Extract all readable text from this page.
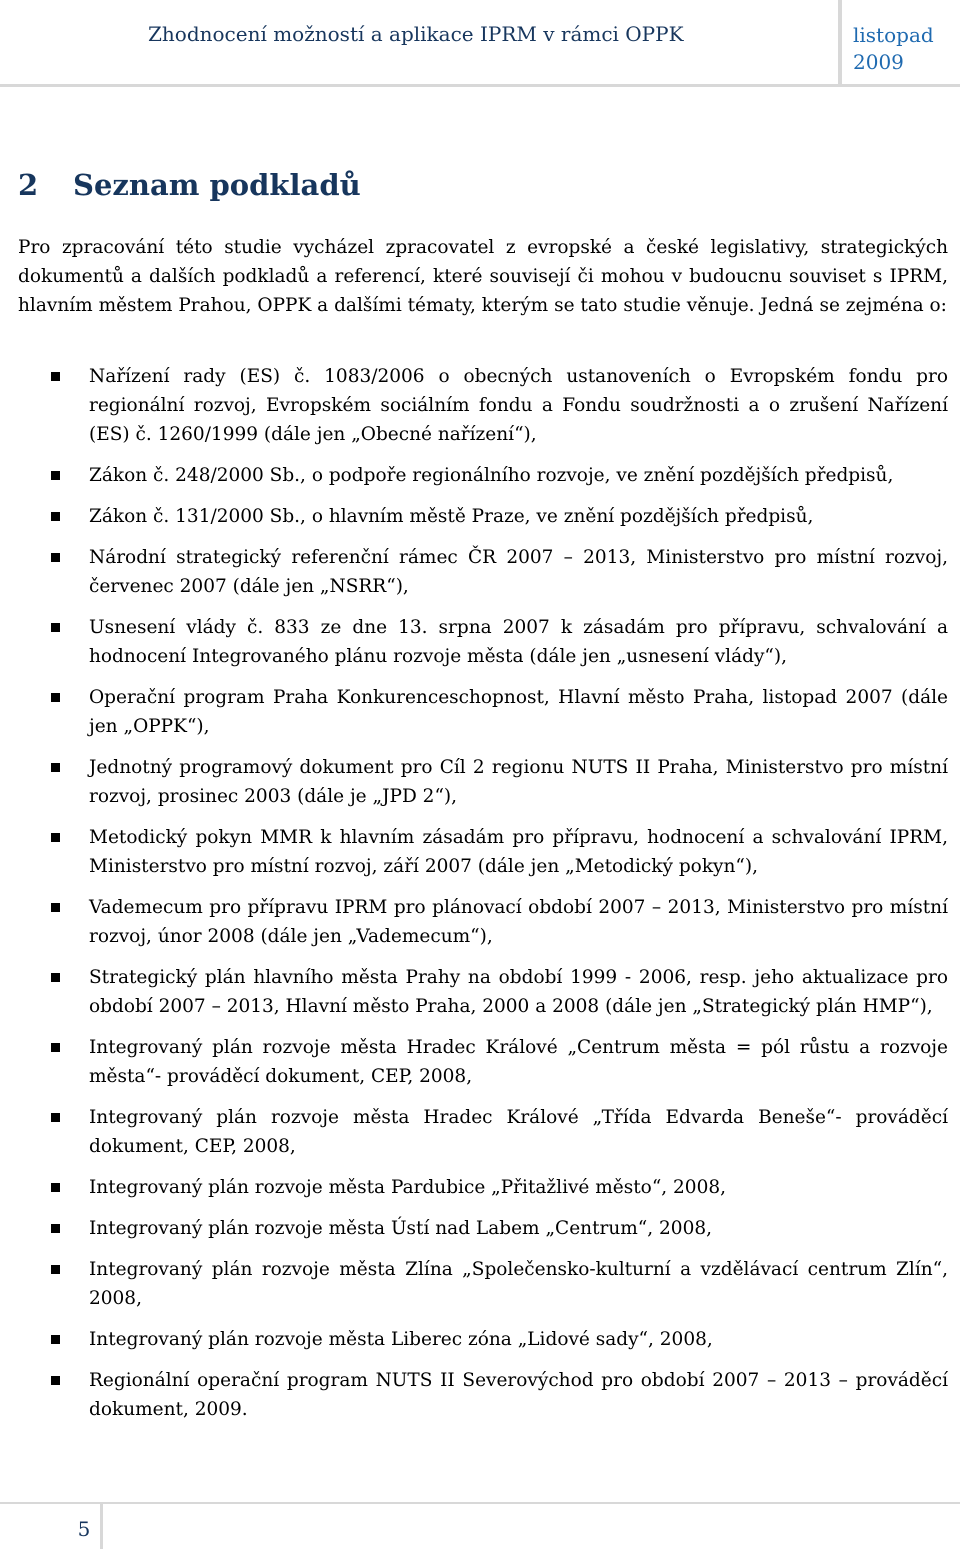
Zhodnocení možností a aplikace IPRM v rámci OPPK	listopad
2009
2 Seznam podkladů

Pro zpracování této studie vycházel zpracovatel z evropské a české legislativy, strategických dokumentů a dalších podkladů a referencí, které souvisejí či mohou v budoucnu souviset s IPRM, hlavním městem Prahou, OPPK a dalšími tématy, kterým se tato studie věnuje. Jedná se zejména o:

Nařízení rady (ES) č. 1083/2006 o obecných ustanoveních o Evropském fondu pro regionální rozvoj, Evropském sociálním fondu a Fondu soudržnosti a o zrušení Nařízení (ES) č. 1260/1999 (dále jen „Obecné nařízení“),
Zákon č. 248/2000 Sb., o podpoře regionálního rozvoje, ve znění pozdějších předpisů,
Zákon č. 131/2000 Sb., o hlavním městě Praze, ve znění pozdějších předpisů,
Národní strategický referenční rámec ČR 2007 – 2013, Ministerstvo pro místní rozvoj, červenec 2007 (dále jen „NSRR“),
Usnesení vlády č. 833 ze dne 13. srpna 2007 k zásadám pro přípravu, schvalování a hodnocení Integrovaného plánu rozvoje města (dále jen „usnesení vlády“),
Operační program Praha Konkurenceschopnost, Hlavní město Praha, listopad 2007 (dále jen „OPPK“),
Jednotný programový dokument pro Cíl 2 regionu NUTS II Praha, Ministerstvo pro místní rozvoj, prosinec 2003 (dále je „JPD 2“),
Metodický pokyn MMR k hlavním zásadám pro přípravu, hodnocení a schvalování IPRM, Ministerstvo pro místní rozvoj, září 2007 (dále jen „Metodický pokyn“),
Vademecum pro přípravu IPRM pro plánovací období 2007 – 2013, Ministerstvo pro místní rozvoj, únor 2008 (dále jen „Vademecum“),
Strategický plán hlavního města Prahy na období 1999 - 2006, resp. jeho aktualizace pro období 2007 – 2013, Hlavní město Praha, 2000 a 2008 (dále jen „Strategický plán HMP“),
Integrovaný plán rozvoje města Hradec Králové „Centrum města = pól růstu a rozvoje města“- prováděcí dokument, CEP, 2008,
Integrovaný plán rozvoje města Hradec Králové „Třída Edvarda Beneše“- prováděcí dokument, CEP, 2008,
Integrovaný plán rozvoje města Pardubice „Přitažlivé město“, 2008,
Integrovaný plán rozvoje města Ústí nad Labem „Centrum“, 2008,
Integrovaný plán rozvoje města Zlína „Společensko-kulturní a vzdělávací centrum Zlín“, 2008,
Integrovaný plán rozvoje města Liberec zóna „Lidové sady“, 2008,
Regionální operační program NUTS II Severovýchod pro období 2007 – 2013 – prováděcí dokument, 2009.
5
